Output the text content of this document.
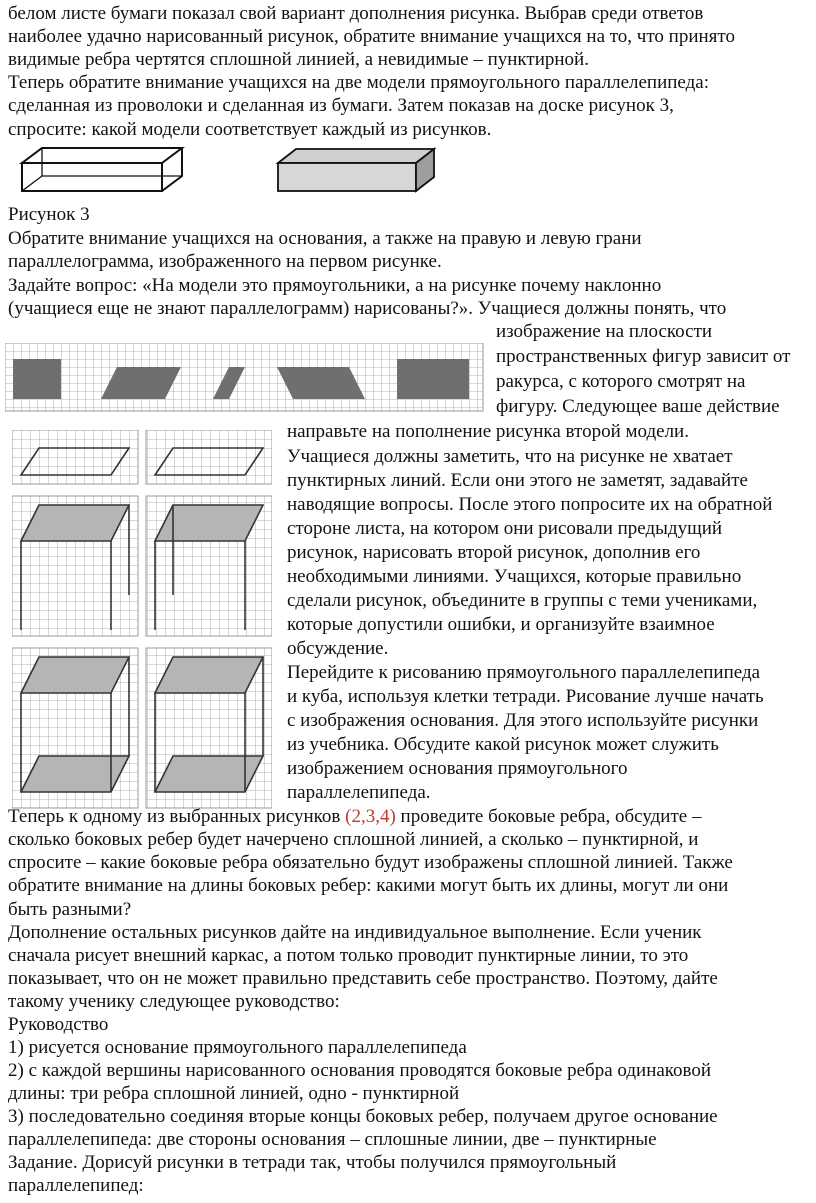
белом листе бумаги показал свой вариант дополнения рисунка. Выбрав среди ответов
наиболее удачно нарисованный рисунок, обратите внимание учащихся на то, что принято
видимые ребра чертятся сплошной линией, а невидимые – пунктирной.
Теперь обратите внимание учащихся на две модели прямоугольного параллелепипеда:
сделанная из проволоки и сделанная из бумаги. Затем показав на доске рисунок 3,
спросите: какой модели соответствует каждый из рисунков.
Рисунок 3
Обратите внимание учащихся на основания, а также на правую и левую грани
параллелограмма, изображенного на первом рисунке.
Задайте вопрос: «На модели это прямоугольники, а на рисунке почему наклонно
(учащиеся еще не знают параллелограмм) нарисованы?». Учащиеся должны понять, что
изображение на плоскости
пространственных фигур зависит от
ракурса, с которого смотрят на
фигуру. Следующее ваше действие
направьте на пополнение рисунка второй модели.
Учащиеся должны заметить, что на рисунке не хватает
пунктирных линий. Если они этого не заметят, задавайте
наводящие вопросы. После этого попросите их на обратной
стороне листа, на котором они рисовали предыдущий
рисунок, нарисовать второй рисунок, дополнив его
необходимыми линиями. Учащихся, которые правильно
сделали рисунок, объедините в группы с теми учениками,
которые допустили ошибки, и организуйте взаимное
обсуждение.
Перейдите к рисованию прямоугольного параллелепипеда
и куба, используя клетки тетради. Рисование лучше начать
с изображения основания. Для этого используйте рисунки
из учебника. Обсудите какой рисунок может служить
изображением основания прямоугольного
параллелепипеда.
Теперь к одному из выбранных рисунков (2,3,4) проведите боковые ребра, обсудите –
сколько боковых ребер будет начерчено сплошной линией, а сколько – пунктирной, и
спросите – какие боковые ребра обязательно будут изображены сплошной линией. Также
обратите внимание на длины боковых ребер: какими могут быть их длины, могут ли они
быть разными?
Дополнение остальных рисунков дайте на индивидуальное выполнение. Если ученик
сначала рисует внешний каркас, а потом только проводит пунктирные линии, то это
показывает, что он не может правильно представить себе пространство. Поэтому, дайте
такому ученику следующее руководство:
Руководство
1) рисуется основание прямоугольного параллелепипеда
2) с каждой вершины нарисованного основания проводятся боковые ребра одинаковой
длины: три ребра сплошной линией, одно - пунктирной
3) последовательно соединяя вторые концы боковых ребер, получаем другое основание
параллелепипеда: две стороны основания – сплошные линии, две – пунктирные
Задание. Дорисуй рисунки в тетради так, чтобы получился прямоугольный
параллелепипед:
